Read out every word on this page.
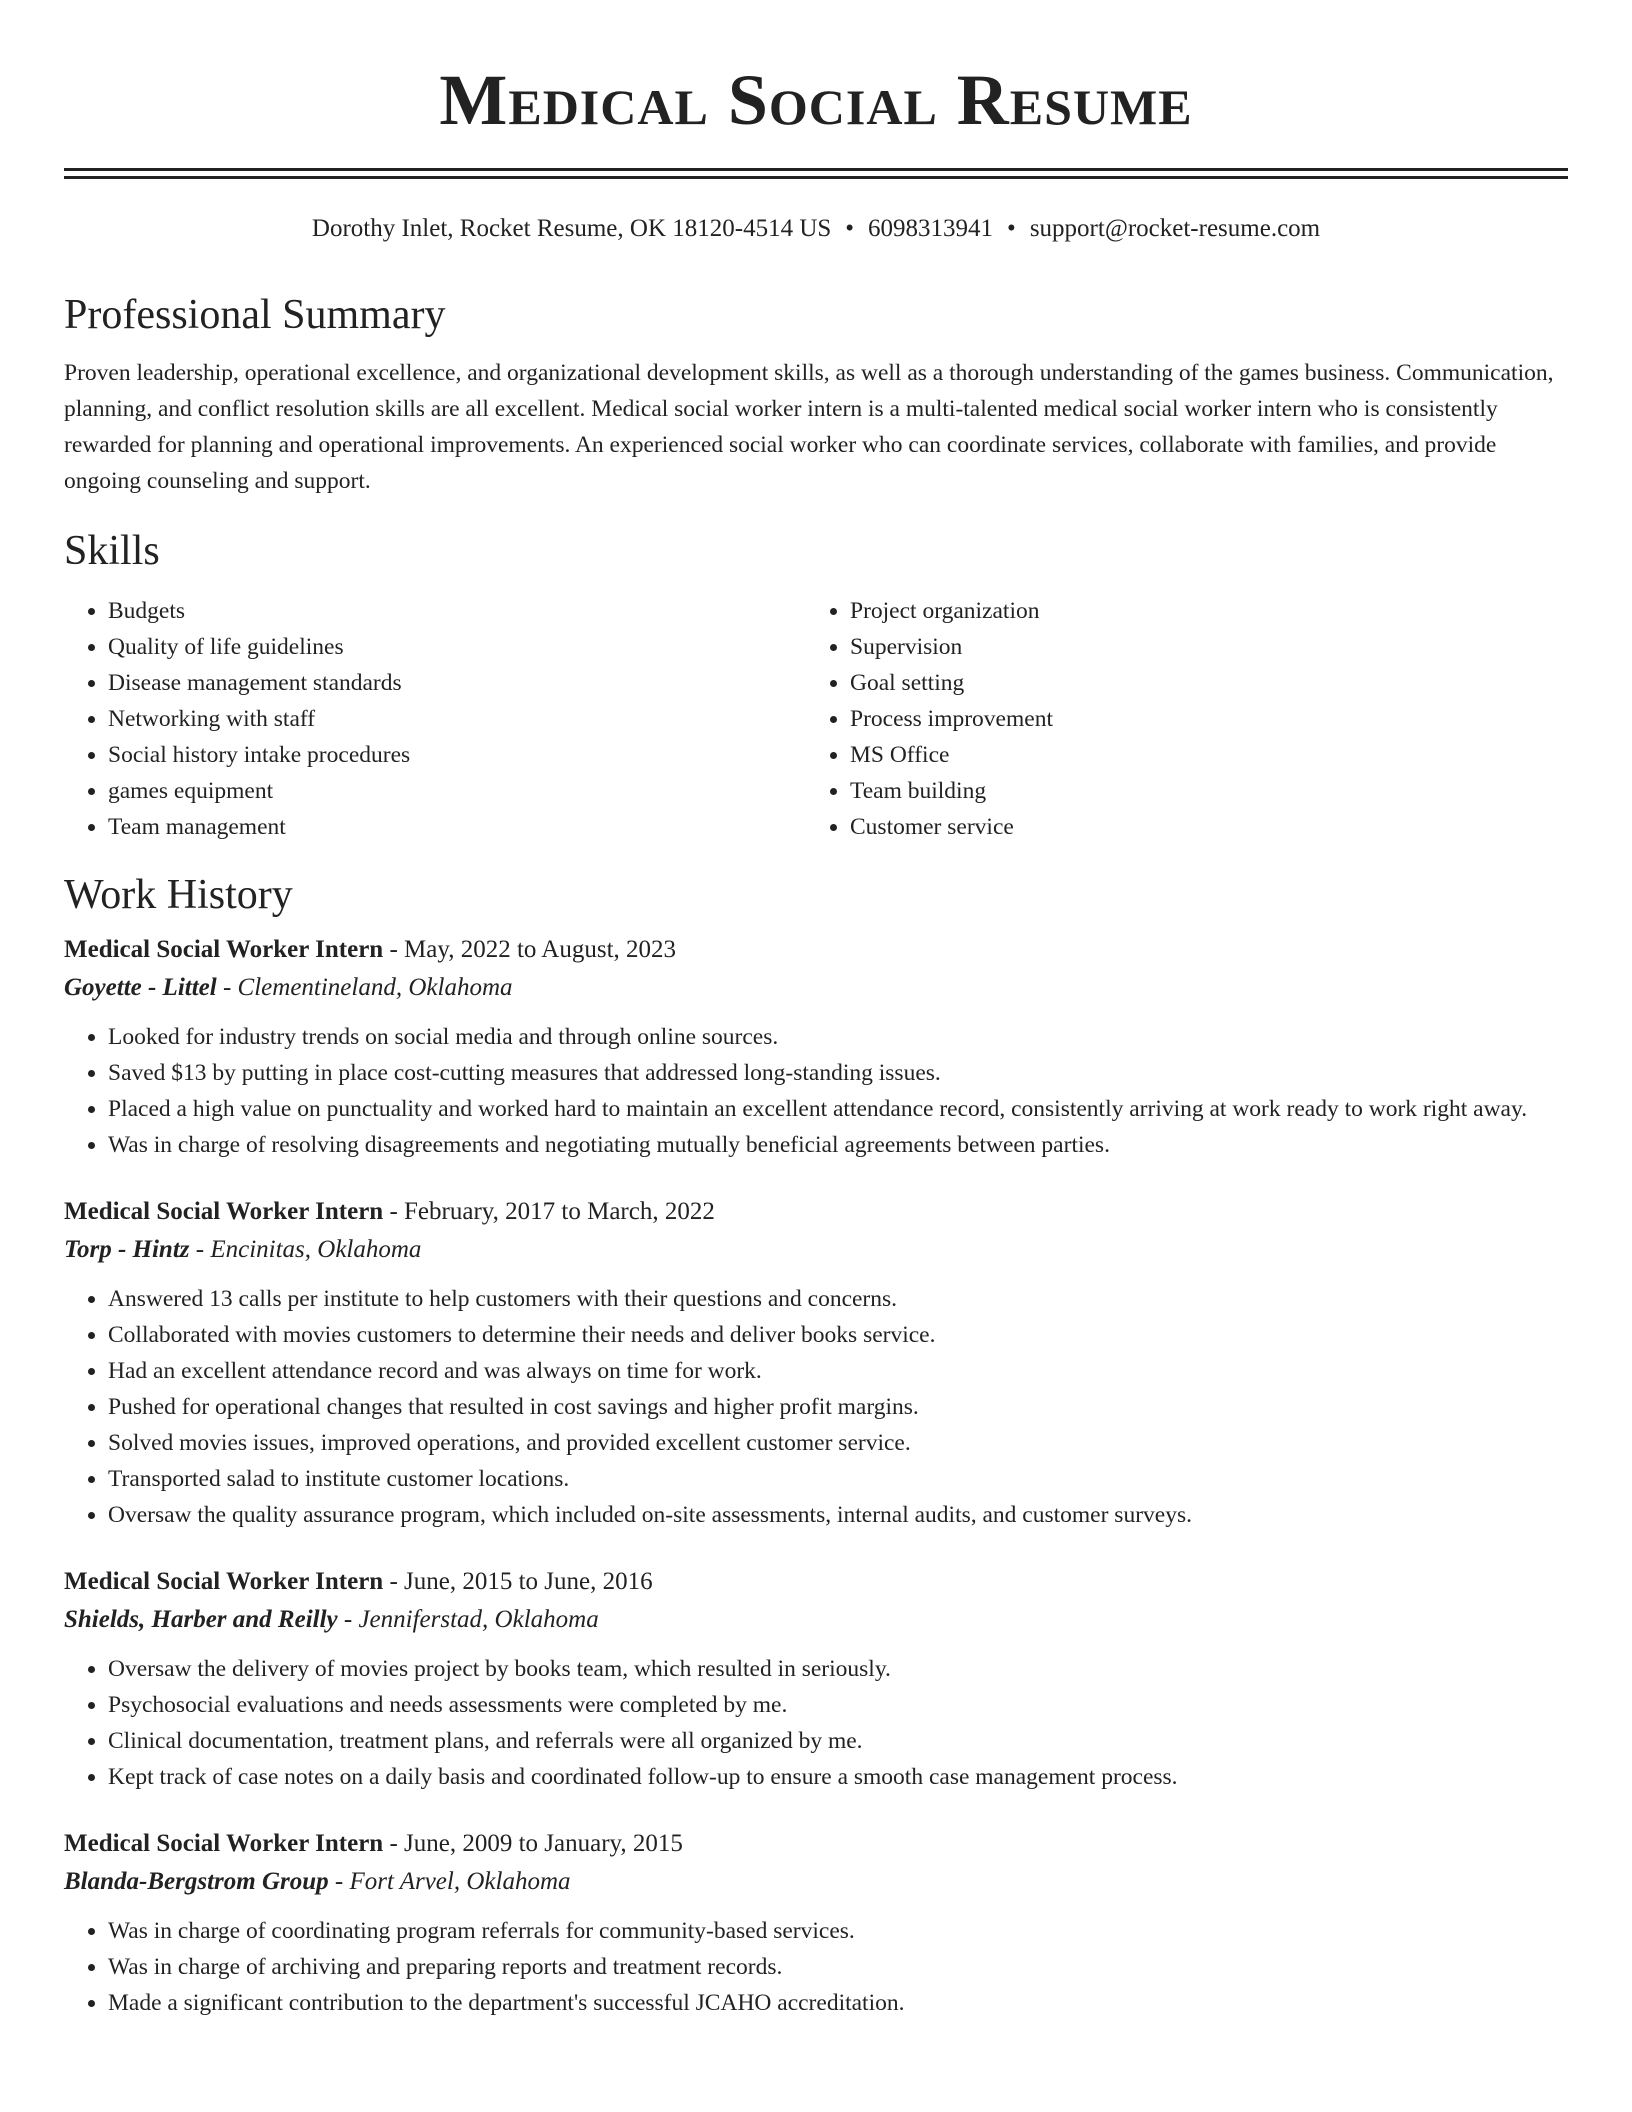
Medical Social Resume
Dorothy Inlet, Rocket Resume, OK 18120-4514 US • 6098313941 • support@rocket-resume.com
Professional Summary
Proven leadership, operational excellence, and organizational development skills, as well as a thorough understanding of the games business. Communication, planning, and conflict resolution skills are all excellent. Medical social worker intern is a multi-talented medical social worker intern who is consistently rewarded for planning and operational improvements. An experienced social worker who can coordinate services, collaborate with families, and provide ongoing counseling and support.
Skills
• Budgets
• Quality of life guidelines
• Disease management standards
• Networking with staff
• Social history intake procedures
• games equipment
• Team management
• Project organization
• Supervision
• Goal setting
• Process improvement
• MS Office
• Team building
• Customer service
Work History
Medical Social Worker Intern - May, 2022 to August, 2023
Goyette - Littel - Clementineland, Oklahoma
• Looked for industry trends on social media and through online sources.
• Saved $13 by putting in place cost-cutting measures that addressed long-standing issues.
• Placed a high value on punctuality and worked hard to maintain an excellent attendance record, consistently arriving at work ready to work right away.
• Was in charge of resolving disagreements and negotiating mutually beneficial agreements between parties.
Medical Social Worker Intern - February, 2017 to March, 2022
Torp - Hintz - Encinitas, Oklahoma
• Answered 13 calls per institute to help customers with their questions and concerns.
• Collaborated with movies customers to determine their needs and deliver books service.
• Had an excellent attendance record and was always on time for work.
• Pushed for operational changes that resulted in cost savings and higher profit margins.
• Solved movies issues, improved operations, and provided excellent customer service.
• Transported salad to institute customer locations.
• Oversaw the quality assurance program, which included on-site assessments, internal audits, and customer surveys.
Medical Social Worker Intern - June, 2015 to June, 2016
Shields, Harber and Reilly - Jenniferstad, Oklahoma
• Oversaw the delivery of movies project by books team, which resulted in seriously.
• Psychosocial evaluations and needs assessments were completed by me.
• Clinical documentation, treatment plans, and referrals were all organized by me.
• Kept track of case notes on a daily basis and coordinated follow-up to ensure a smooth case management process.
Medical Social Worker Intern - June, 2009 to January, 2015
Blanda-Bergstrom Group - Fort Arvel, Oklahoma
• Was in charge of coordinating program referrals for community-based services.
• Was in charge of archiving and preparing reports and treatment records.
• Made a significant contribution to the department's successful JCAHO accreditation.
